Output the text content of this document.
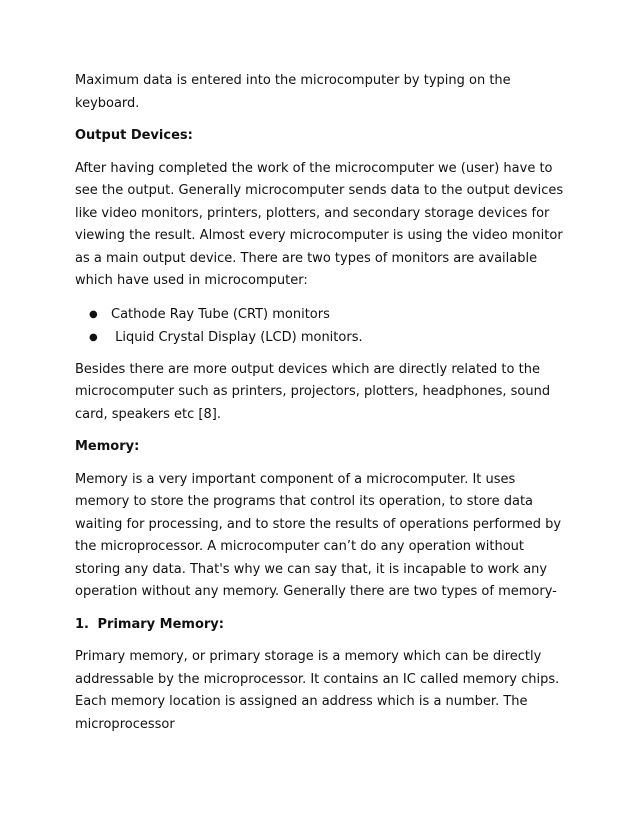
Maximum data is entered into the microcomputer by typing on the keyboard.

Output Devices:

After having completed the work of the microcomputer we (user) have to see the output. Generally microcomputer sends data to the output devices like video monitors, printers, plotters, and secondary storage devices for viewing the result. Almost every microcomputer is using the video monitor as a main output device. There are two types of monitors are available which have used in microcomputer:

● Cathode Ray Tube (CRT) monitors
● Liquid Crystal Display (LCD) monitors.

Besides there are more output devices which are directly related to the microcomputer such as printers, projectors, plotters, headphones, sound card, speakers etc [8].

Memory:

Memory is a very important component of a microcomputer. It uses memory to store the programs that control its operation, to store data waiting for processing, and to store the results of operations performed by the microprocessor. A microcomputer can’t do any operation without storing any data. That's why we can say that, it is incapable to work any operation without any memory. Generally there are two types of memory-

1. Primary Memory:

Primary memory, or primary storage is a memory which can be directly addressable by the microprocessor. It contains an IC called memory chips. Each memory location is assigned an address which is a number. The microprocessor
